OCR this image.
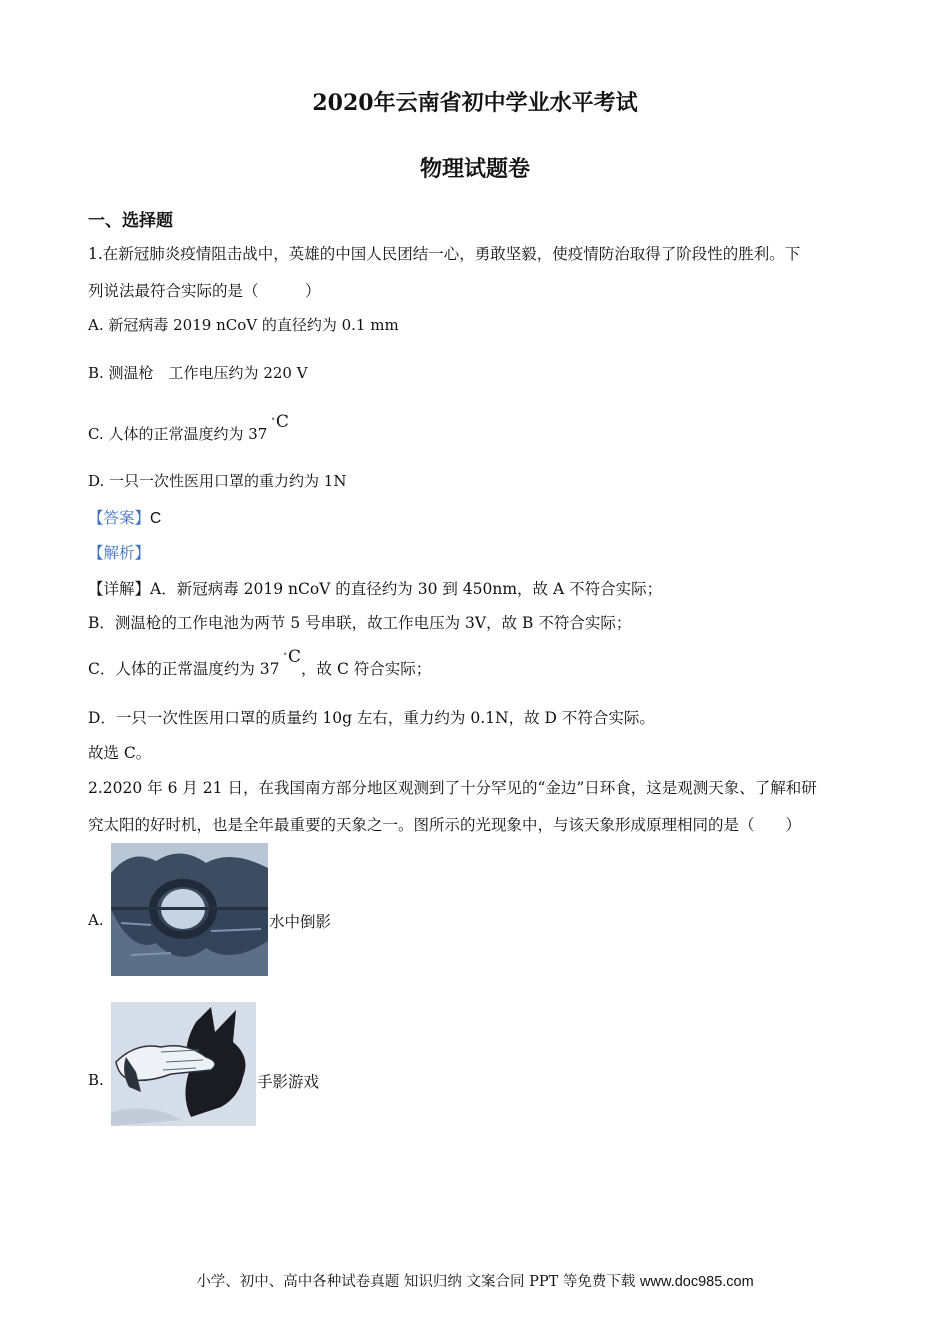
2020年云南省初中学业水平考试
物理试题卷
一、选择题
1.在新冠肺炎疫情阻击战中，英雄的中国人民团结一心，勇敢坚毅，使疫情防治取得了阶段性的胜利。下
列说法最符合实际的是（　　　）
A. 新冠病毒 2019 nCoV 的直径约为 0.1 mm
B. 测温枪　工作电压约为 220 V
C. 人体的正常温度约为 37°C
D. 一只一次性医用口罩的重力约为 1N
【答案】C
【解析】
【详解】A．新冠病毒 2019 nCoV 的直径约为 30 到 450nm，故 A 不符合实际；
B．测温枪的工作电池为两节 5 号串联，故工作电压为 3V，故 B 不符合实际；
C．人体的正常温度约为 37°C，故 C 符合实际；
D．一只一次性医用口罩的质量约 10g 左右，重力约为 0.1N，故 D 不符合实际。
故选 C。
2.2020 年 6 月 21 日，在我国南方部分地区观测到了十分罕见的“金边”日环食，这是观测天象、了解和研
究太阳的好时机，也是全年最重要的天象之一。图所示的光现象中，与该天象形成原理相同的是（　　）
A.	水中倒影
B.	手影游戏
小学、初中、高中各种试卷真题 知识归纳 文案合同 PPT 等免费下载 www.doc985.com
